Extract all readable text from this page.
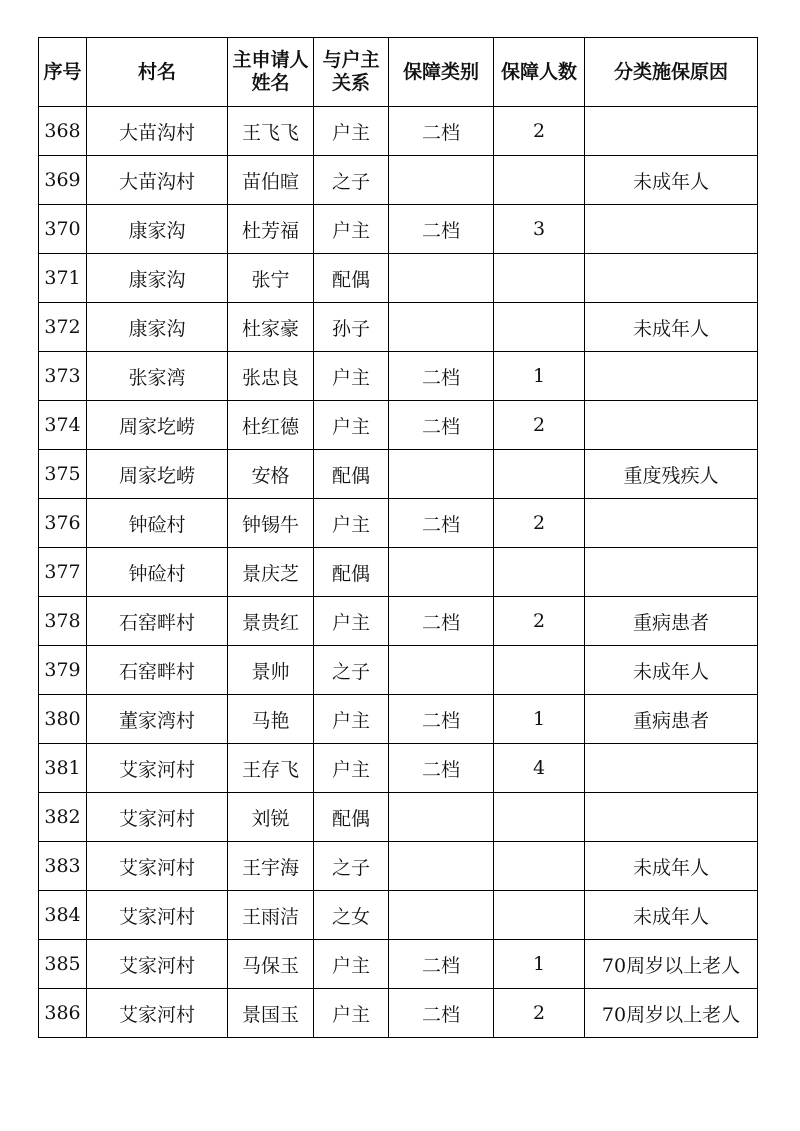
序号	村名	主申请人姓名	与户主关系	保障类别	保障人数	分类施保原因
368	大苗沟村	王飞飞	户主	二档	2	
369	大苗沟村	苗伯暄	之子			未成年人
370	康家沟	杜芳福	户主	二档	3	
371	康家沟	张宁	配偶			
372	康家沟	杜家豪	孙子			未成年人
373	张家湾	张忠良	户主	二档	1	
374	周家圪崂	杜红德	户主	二档	2	
375	周家圪崂	安格	配偶			重度残疾人
376	钟硷村	钟锡牛	户主	二档	2	
377	钟硷村	景庆芝	配偶			
378	石窑畔村	景贵红	户主	二档	2	重病患者
379	石窑畔村	景帅	之子			未成年人
380	董家湾村	马艳	户主	二档	1	重病患者
381	艾家河村	王存飞	户主	二档	4	
382	艾家河村	刘锐	配偶			
383	艾家河村	王宇海	之子			未成年人
384	艾家河村	王雨洁	之女			未成年人
385	艾家河村	马保玉	户主	二档	1	70周岁以上老人
386	艾家河村	景国玉	户主	二档	2	70周岁以上老人
